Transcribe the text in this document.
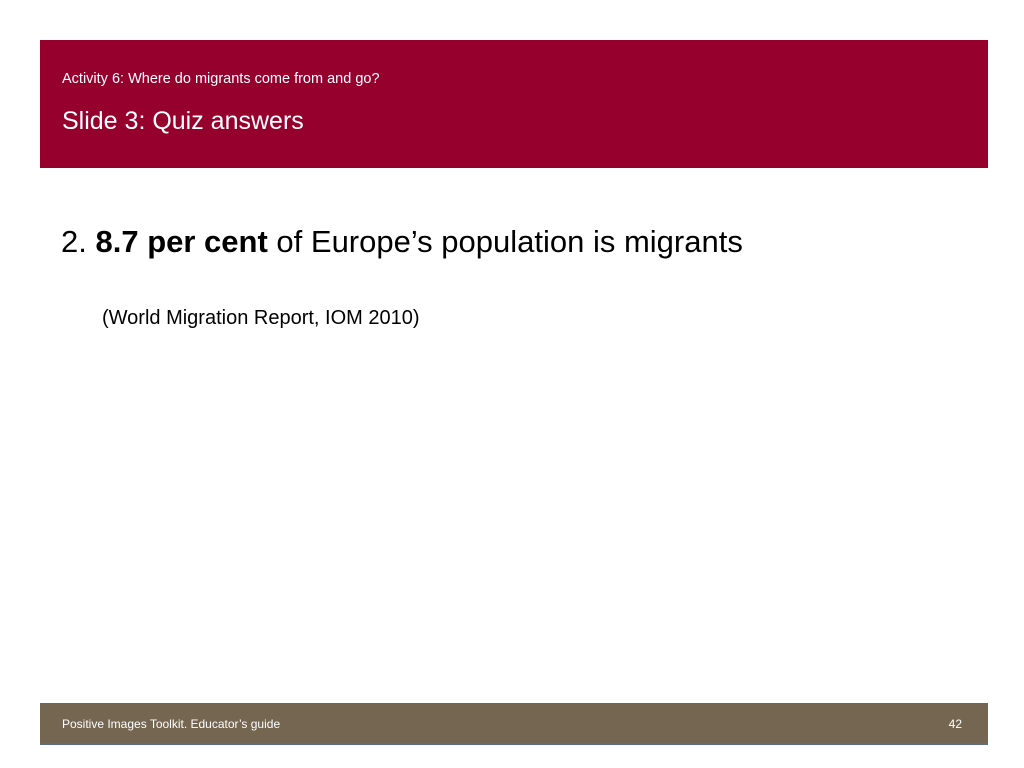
Activity 6: Where do migrants come from and go?
Slide 3: Quiz answers
2. 8.7 per cent of Europe’s population is migrants
(World Migration Report, IOM 2010)
Positive Images Toolkit. Educator’s guide	42
